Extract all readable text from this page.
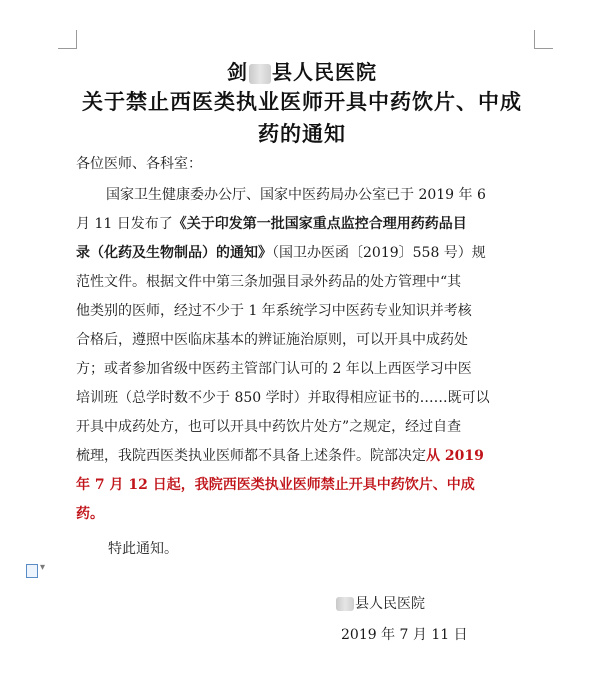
剑 县人民医院
关于禁止西医类执业医师开具中药饮片、中成
药的通知
各位医师、各科室：
国家卫生健康委办公厅、国家中医药局办公室已于 2019 年 6
月 11 日发布了《关于印发第一批国家重点监控合理用药药品目
录（化药及生物制品）的通知》（国卫办医函〔2019〕558 号）规
范性文件。根据文件中第三条加强目录外药品的处方管理中“其
他类别的医师，经过不少于 1 年系统学习中医药专业知识并考核
合格后，遵照中医临床基本的辨证施治原则，可以开具中成药处
方；或者参加省级中医药主管部门认可的 2 年以上西医学习中医
培训班（总学时数不少于 850 学时）并取得相应证书的……既可以
开具中成药处方，也可以开具中药饮片处方”之规定，经过自查
梳理，我院西医类执业医师都不具备上述条件。院部决定从 2019
年 7 月 12 日起，我院西医类执业医师禁止开具中药饮片、中成
药。
特此通知。
▾
县人民医院
2019 年 7 月 11 日
